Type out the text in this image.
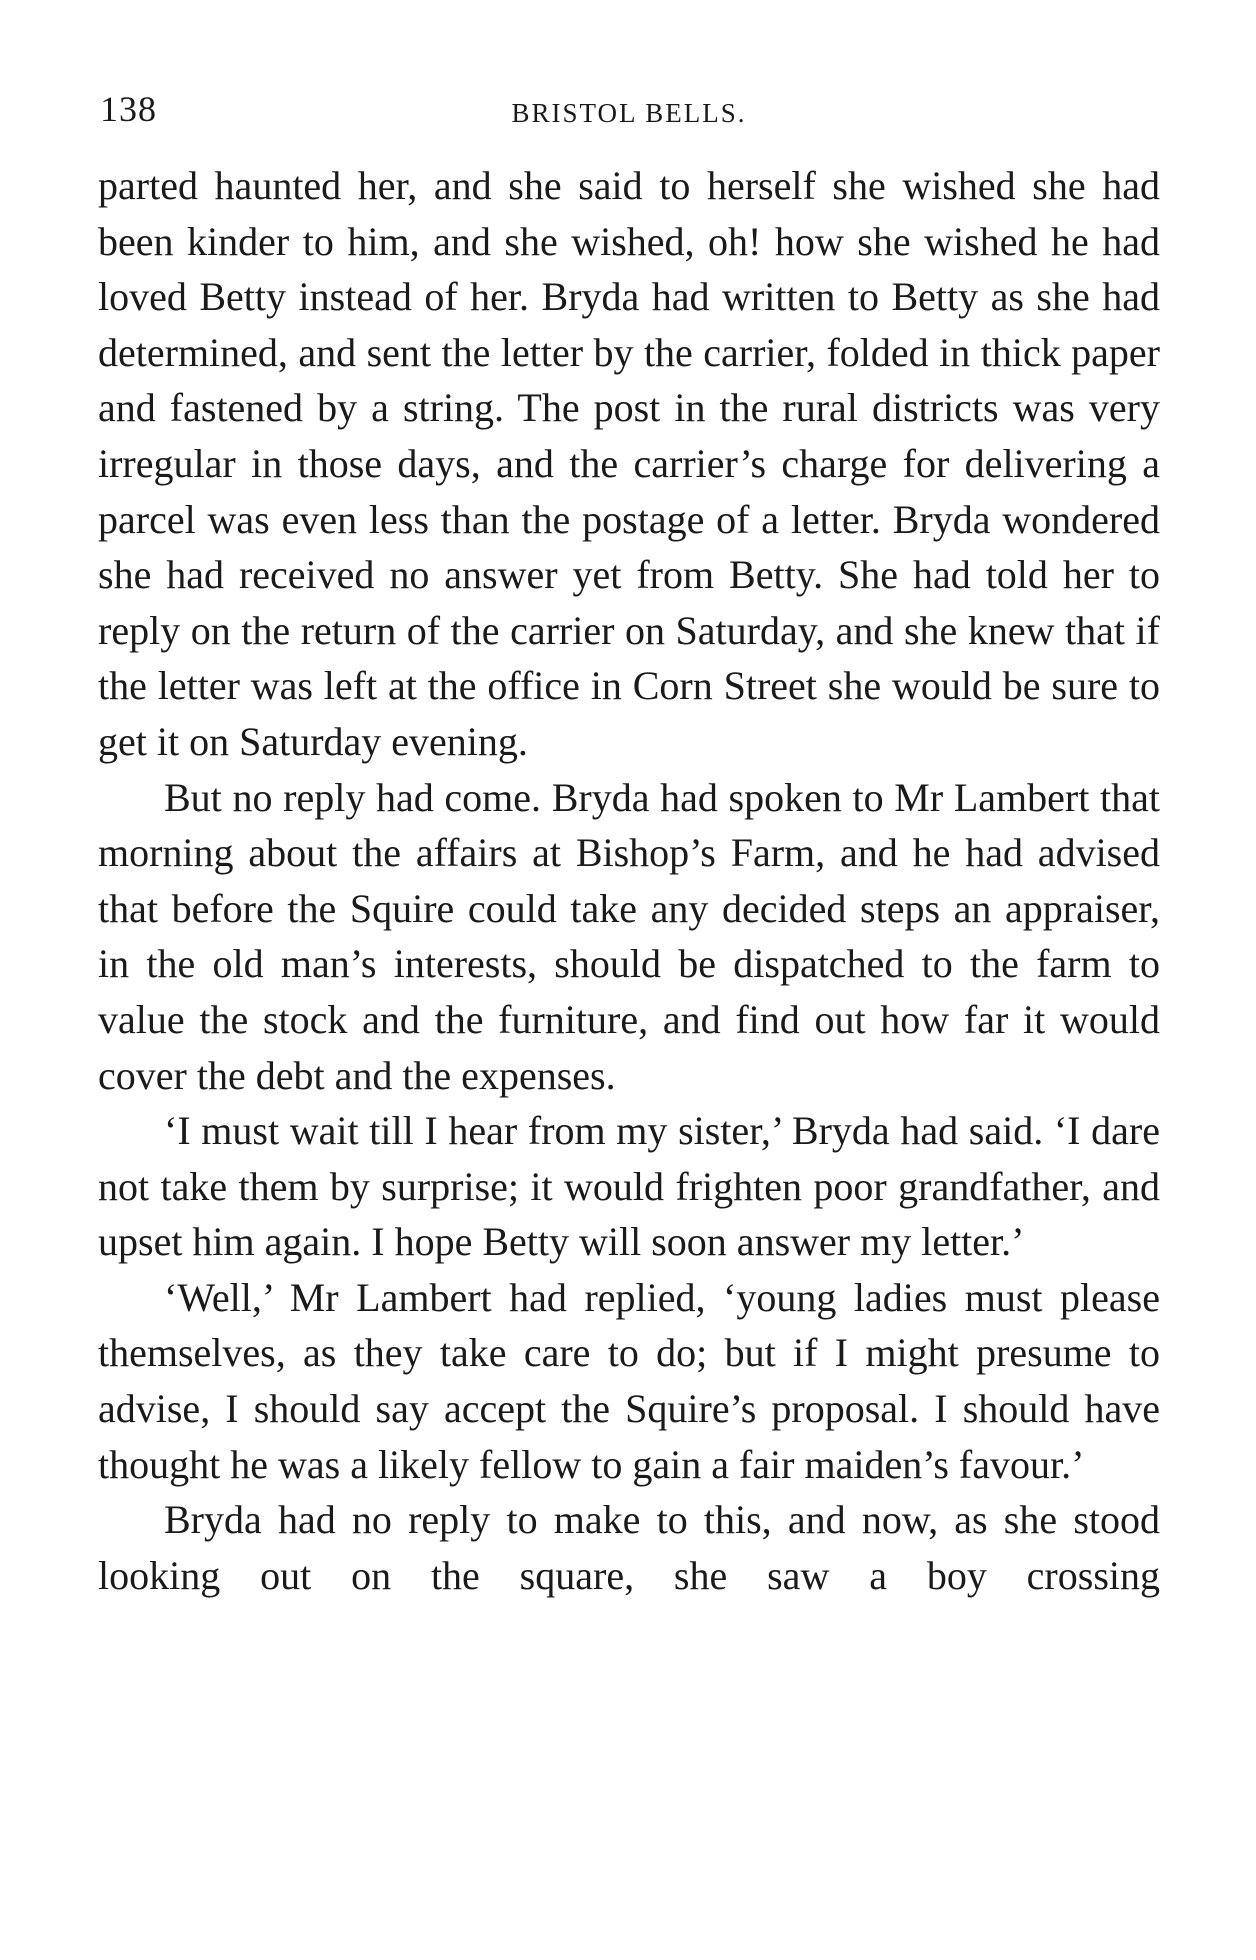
138	BRISTOL BELLS.

parted haunted her, and she said to herself she wished she had been kinder to him, and she wished, oh! how she wished he had loved Betty instead of her. Bryda had written to Betty as she had determined, and sent the letter by the carrier, folded in thick paper and fastened by a string. The post in the rural districts was very irregular in those days, and the carrier’s charge for delivering a parcel was even less than the postage of a letter. Bryda wondered she had received no answer yet from Betty. She had told her to reply on the return of the carrier on Saturday, and she knew that if the letter was left at the office in Corn Street she would be sure to get it on Saturday evening.

But no reply had come. Bryda had spoken to Mr Lambert that morning about the affairs at Bishop’s Farm, and he had advised that before the Squire could take any decided steps an appraiser, in the old man’s interests, should be dispatched to the farm to value the stock and the furniture, and find out how far it would cover the debt and the expenses.

‘I must wait till I hear from my sister,’ Bryda had said. ‘I dare not take them by surprise; it would frighten poor grandfather, and upset him again. I hope Betty will soon answer my letter.’

‘Well,’ Mr Lambert had replied, ‘young ladies must please themselves, as they take care to do; but if I might presume to advise, I should say accept the Squire’s proposal. I should have thought he was a likely fellow to gain a fair maiden’s favour.’

Bryda had no reply to make to this, and now, as she stood looking out on the square, she saw a boy crossing
